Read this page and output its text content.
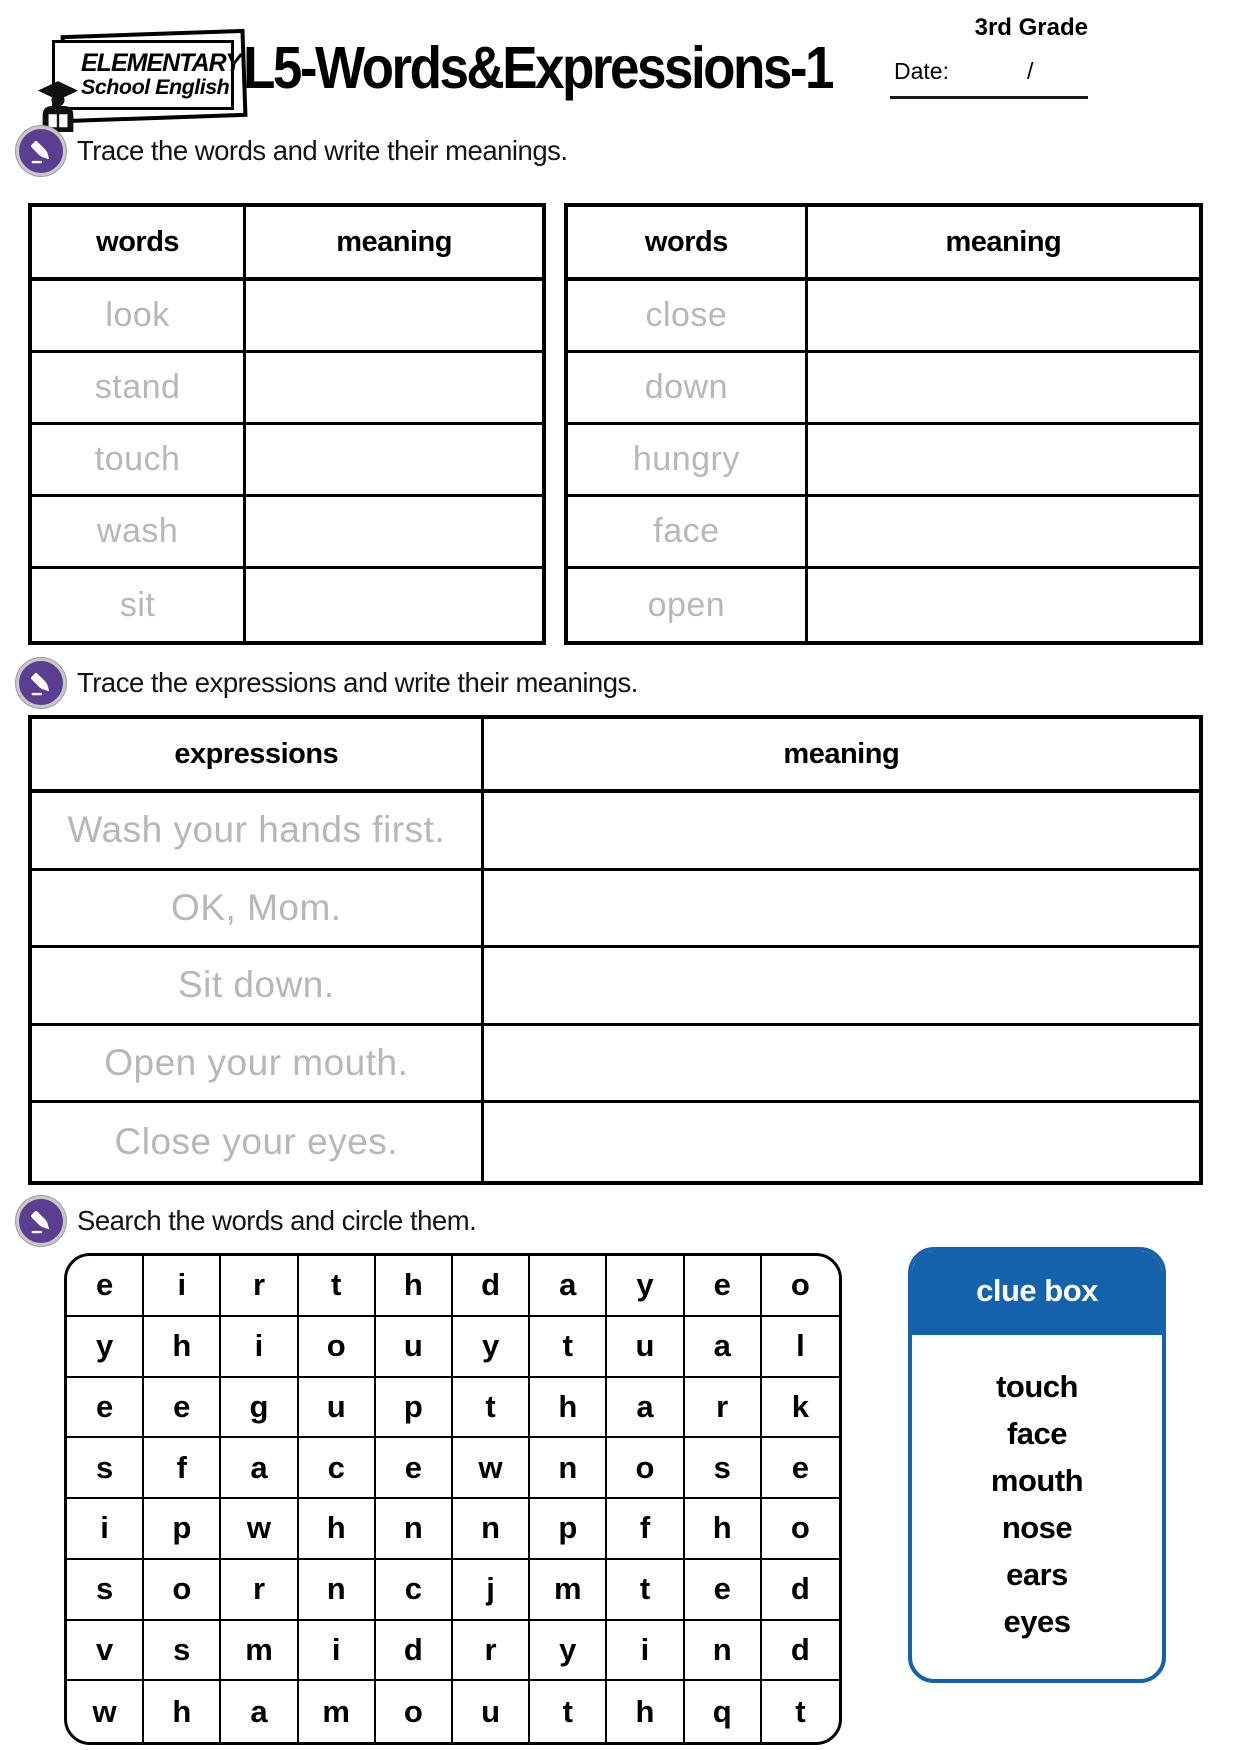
ELEMENTARY
School English L5-Words&Expressions-1
3rd Grade
Date:	/
Trace the words and write their meanings.
words	meaning
look
stand
touch
wash
sit
words	meaning
close
down
hungry
face
open
Trace the expressions and write their meanings.
expressions	meaning
Wash your hands first.
OK, Mom.
Sit down.
Open your mouth.
Close your eyes.
Search the words and circle them.
e	i	r	t	h	d	a	y	e	o
y	h	i	o	u	y	t	u	a	l
e	e	g	u	p	t	h	a	r	k
s	f	a	c	e	w	n	o	s	e
i	p	w	h	n	n	p	f	h	o
s	o	r	n	c	j	m	t	e	d
v	s	m	i	d	r	y	i	n	d
w	h	a	m	o	u	t	h	q	t
clue box
touch
face
mouth
nose
ears
eyes
